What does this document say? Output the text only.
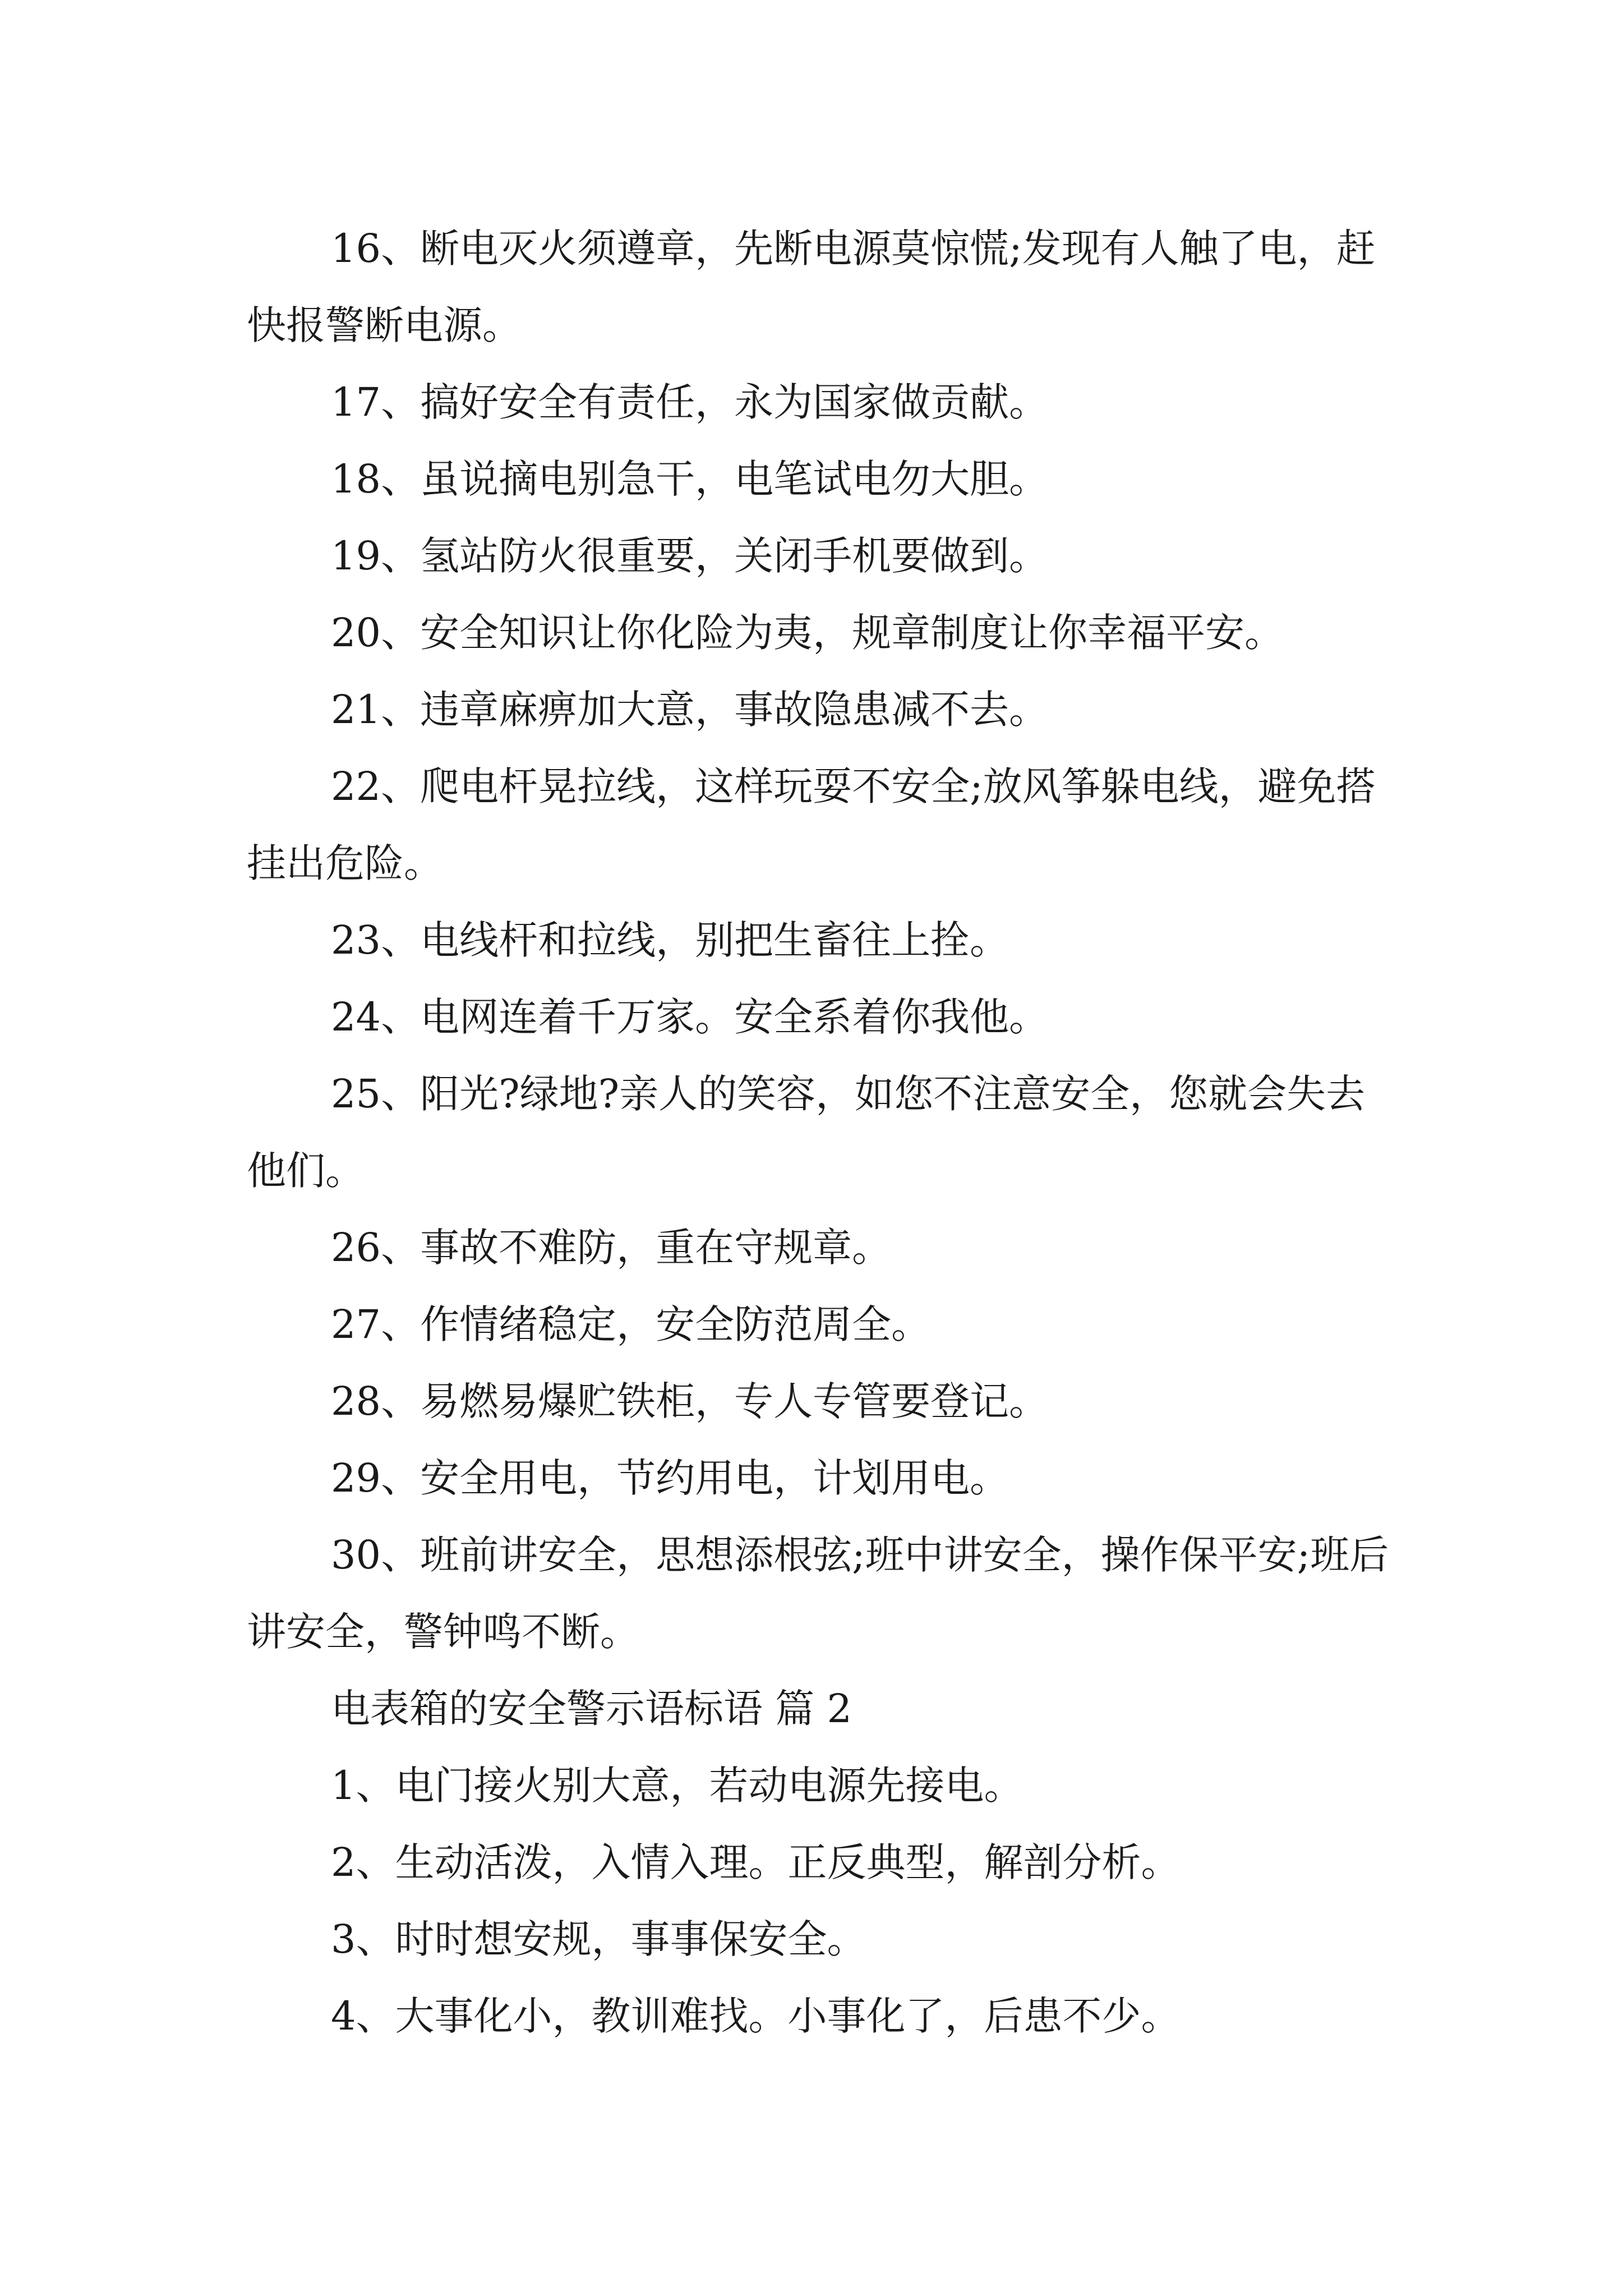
16、断电灭火须遵章，先断电源莫惊慌;发现有人触了电，赶快报警断电源。

17、搞好安全有责任，永为国家做贡献。

18、虽说摘电别急干，电笔试电勿大胆。

19、氢站防火很重要，关闭手机要做到。

20、安全知识让你化险为夷，规章制度让你幸福平安。

21、违章麻痹加大意，事故隐患减不去。

22、爬电杆晃拉线，这样玩耍不安全;放风筝躲电线，避免搭挂出危险。

23、电线杆和拉线，别把生畜往上拴。

24、电网连着千万家。安全系着你我他。

25、阳光?绿地?亲人的笑容，如您不注意安全，您就会失去他们。

26、事故不难防，重在守规章。

27、作情绪稳定，安全防范周全。

28、易燃易爆贮铁柜，专人专管要登记。

29、安全用电，节约用电，计划用电。

30、班前讲安全，思想添根弦;班中讲安全，操作保平安;班后讲安全，警钟鸣不断。

电表箱的安全警示语标语 篇 2

1、电门接火别大意，若动电源先接电。

2、生动活泼，入情入理。正反典型，解剖分析。

3、时时想安规，事事保安全。

4、大事化小，教训难找。小事化了，后患不少。
